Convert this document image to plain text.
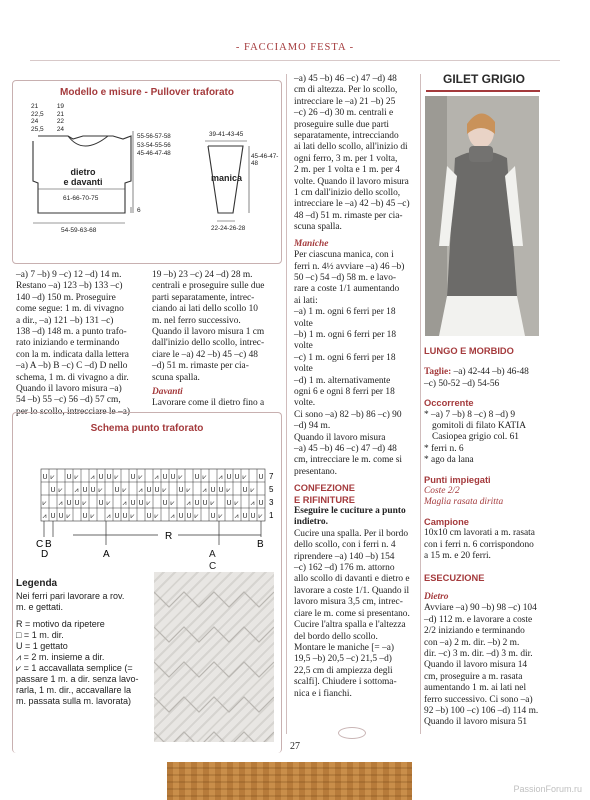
- FACCIAMO FESTA -
Modello e misure - Pullover traforato
21
22,5
24
25,5

19
21
22
24
55-56-57-58
53-54-55-56
45-46-47-48
dietro
e davanti
61-66-70-75
6
54-59-63-68
39-41-43-45
45-46-47-48
manica
22-24-26-28

–a) 7 –b) 9 –c) 12 –d) 14 m.

Restano –a) 123 –b) 133 –c)

140 –d) 150 m. Proseguire

come segue: 1 m. di vivagno

a dir., –a) 121 –b) 131 –c)

138 –d) 148 m. a punto trafo-

rato iniziando e terminando

con la m. indicata dalla lettera

–a) A –b) B –c) C –d) D nello

schema, 1 m. di vivagno a dir.

Quando il lavoro misura –a)

54 –b) 55 –c) 56 –d) 57 cm,

per lo scollo, intrecciare le –a)

19 –b) 23 –c) 24 –d) 28 m.

centrali e proseguire sulle due

parti separatamente, intrec-

ciando ai lati dello scollo 10

m. nel ferro successivo.

Quando il lavoro misura 1 cm

dall'inizio dello scollo, intrec-

ciare le –a) 42 –b) 45 –c) 48

–d) 51 m. rimaste per cia-

scuna spalla.

Davanti

Lavorare come il dietro fino a

Schema punto traforato
U ⩗ U ⩗ ⩘ U U ⩗ U ⩗ ⩘ U U ⩗ U ⩗ ⩘ U U ⩗ U
U ⩗ ⩘ U U ⩗ U ⩗ ⩘ U U ⩗ U ⩗ ⩘ U U ⩗ U ⩗
⩗ ⩘ U U ⩗ U ⩗ ⩘ U U ⩗ U ⩗ ⩘ U U ⩗ U ⩗ ⩘ U
⩘ U U ⩗ U ⩗ ⩘ U U ⩗ U ⩗ ⩘ U U ⩗ U ⩗ ⩘ U U ⩗
7
5
3
1
R
C B
A
B
D	A
C
Legenda
Nei ferri pari lavorare a rov.
m. e gettati.
R = motivo da ripetere
□ = 1 m. dir.
U = 1 gettato
⩘ = 2 m. insieme a dir.
⩗ = 1 accavallata semplice (=
passare 1 m. a dir. senza lavo-
rarla, 1 m. dir., accavallare la
m. passata sulla m. lavorata)

–a) 45 –b) 46 –c) 47 –d) 48

cm di altezza. Per lo scollo,

intrecciare le –a) 21 –b) 25

–c) 26 –d) 30 m. centrali e

proseguire sulle due parti

separatamente, intrecciando

ai lati dello scollo, all'inizio di

ogni ferro, 3 m. per 1 volta,

2 m. per 1 volta e 1 m. per 4

volte. Quando il lavoro misura

1 cm dall'inizio dello scollo,

intrecciare le –a) 42 –b) 45 –c)

48 –d) 51 m. rimaste per cia-

scuna spalla.

Maniche

Per ciascuna manica, con i

ferri n. 4½ avviare –a) 46 –b)

50 –c) 54 –d) 58 m. e lavo-

rare a coste 1/1 aumentando

ai lati:

–a) 1 m. ogni 6 ferri per 18

volte

–b) 1 m. ogni 6 ferri per 18

volte

–c) 1 m. ogni 6 ferri per 18

volte

–d) 1 m. alternativamente

ogni 6 e ogni 8 ferri per 18

volte.

Ci sono –a) 82 –b) 86 –c) 90

–d) 94 m.

Quando il lavoro misura

–a) 45 –b) 46 –c) 47 –d) 48

cm, intrecciare le m. come si

presentano.

CONFEZIONE

E RIFINITURE

Eseguire le cuciture a punto

indietro.

Cucire una spalla. Per il bordo

dello scollo, con i ferri n. 4

riprendere –a) 140 –b) 154

–c) 162 –d) 176 m. attorno

allo scollo di davanti e dietro e

lavorare a coste 1/1. Quando il

lavoro misura 3,5 cm, intrec-

ciare le m. come si presentano.

Cucire l'altra spalla e l'altezza

del bordo dello scollo.

Montare le maniche [= –a)

19,5 –b) 20,5 –c) 21,5 –d)

22,5 cm di ampiezza degli

scalfi]. Chiudere i sottoma-

nica e i fianchi.

GILET GRIGIO

LUNGO E MORBIDO

Taglie: –a) 42-44 –b) 46-48

–c) 50-52 –d) 54-56

Occorrente

* –a) 7 –b) 8 –c) 8 –d) 9

gomitoli di filato KATIA

Casiopea grigio col. 61

* ferri n. 6

* ago da lana

Punti impiegati

Coste 2/2

Maglia rasata diritta

Campione

10x10 cm lavorati a m. rasata

con i ferri n. 6 corrispondono

a 15 m. e 20 ferri.

ESECUZIONE

Dietro

Avviare –a) 90 –b) 98 –c) 104

–d) 112 m. e lavorare a coste

2/2 iniziando e terminando

con –a) 2 m. dir. –b) 2 m.

dir. –c) 3 m. dir. –d) 3 m. dir.

Quando il lavoro misura 14

cm, proseguire a m. rasata

aumentando 1 m. ai lati nel

ferro successivo. Ci sono –a)

92 –b) 100 –c) 106 –d) 114 m.

Quando il lavoro misura 51

27
PassionForum.ru
